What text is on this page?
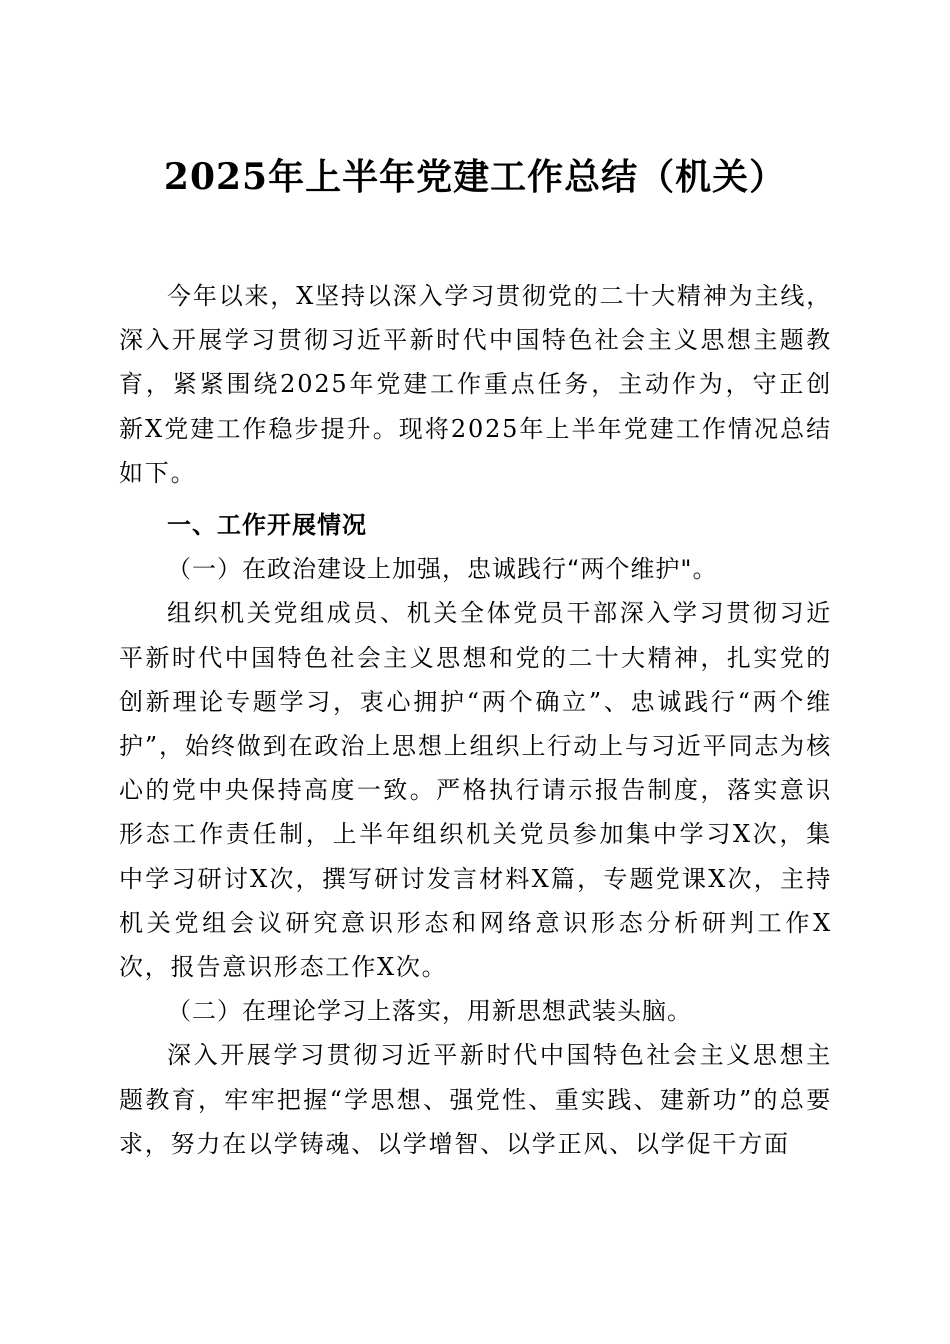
2025年上半年党建工作总结（机关）

今年以来，X坚持以深入学习贯彻党的二十大精神为主线，深入开展学习贯彻习近平新时代中国特色社会主义思想主题教育，紧紧围绕2025年党建工作重点任务，主动作为，守正创新X党建工作稳步提升。现将2025年上半年党建工作情况总结如下。

一、工作开展情况

（一）在政治建设上加强，忠诚践行“两个维护"。

组织机关党组成员、机关全体党员干部深入学习贯彻习近平新时代中国特色社会主义思想和党的二十大精神，扎实党的创新理论专题学习，衷心拥护“两个确立”、忠诚践行“两个维护”，始终做到在政治上思想上组织上行动上与习近平同志为核心的党中央保持高度一致。严格执行请示报告制度，落实意识形态工作责任制，上半年组织机关党员参加集中学习X次，集中学习研讨X次，撰写研讨发言材料X篇，专题党课X次，主持机关党组会议研究意识形态和网络意识形态分析研判工作X次，报告意识形态工作X次。

（二）在理论学习上落实，用新思想武装头脑。

深入开展学习贯彻习近平新时代中国特色社会主义思想主题教育，牢牢把握“学思想、强党性、重实践、建新功”的总要求，努力在以学铸魂、以学增智、以学正风、以学促干方面
